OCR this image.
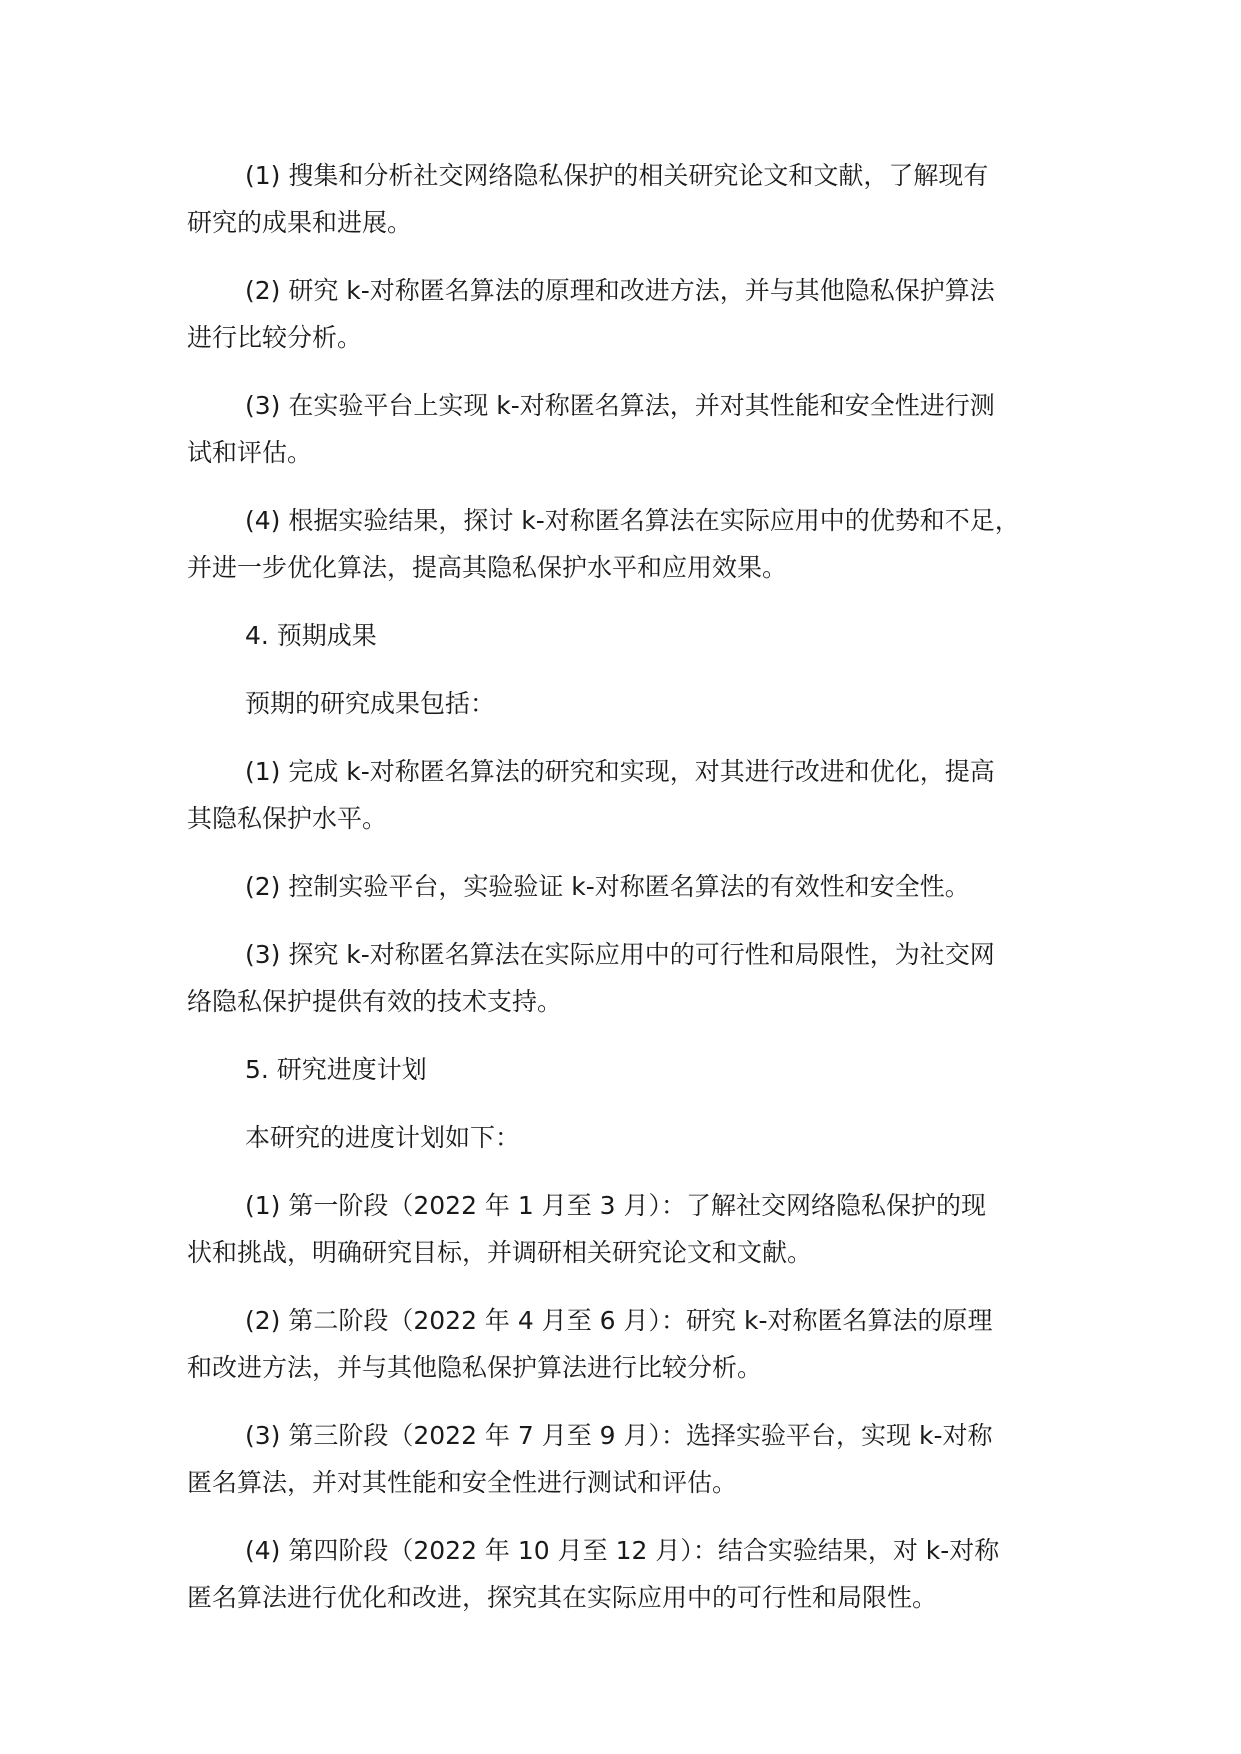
(1) 搜集和分析社交网络隐私保护的相关研究论文和文献，了解现有
研究的成果和进展。

(2) 研究 k-对称匿名算法的原理和改进方法，并与其他隐私保护算法
进行比较分析。

(3) 在实验平台上实现 k-对称匿名算法，并对其性能和安全性进行测
试和评估。

(4) 根据实验结果，探讨 k-对称匿名算法在实际应用中的优势和不足，
并进一步优化算法，提高其隐私保护水平和应用效果。

4. 预期成果

预期的研究成果包括：

(1) 完成 k-对称匿名算法的研究和实现，对其进行改进和优化，提高
其隐私保护水平。

(2) 控制实验平台，实验验证 k-对称匿名算法的有效性和安全性。

(3) 探究 k-对称匿名算法在实际应用中的可行性和局限性，为社交网
络隐私保护提供有效的技术支持。

5. 研究进度计划

本研究的进度计划如下：

(1) 第一阶段（2022 年 1 月至 3 月）：了解社交网络隐私保护的现
状和挑战，明确研究目标，并调研相关研究论文和文献。

(2) 第二阶段（2022 年 4 月至 6 月）：研究 k-对称匿名算法的原理
和改进方法，并与其他隐私保护算法进行比较分析。

(3) 第三阶段（2022 年 7 月至 9 月）：选择实验平台，实现 k-对称
匿名算法，并对其性能和安全性进行测试和评估。

(4) 第四阶段（2022 年 10 月至 12 月）：结合实验结果，对 k-对称
匿名算法进行优化和改进，探究其在实际应用中的可行性和局限性。
